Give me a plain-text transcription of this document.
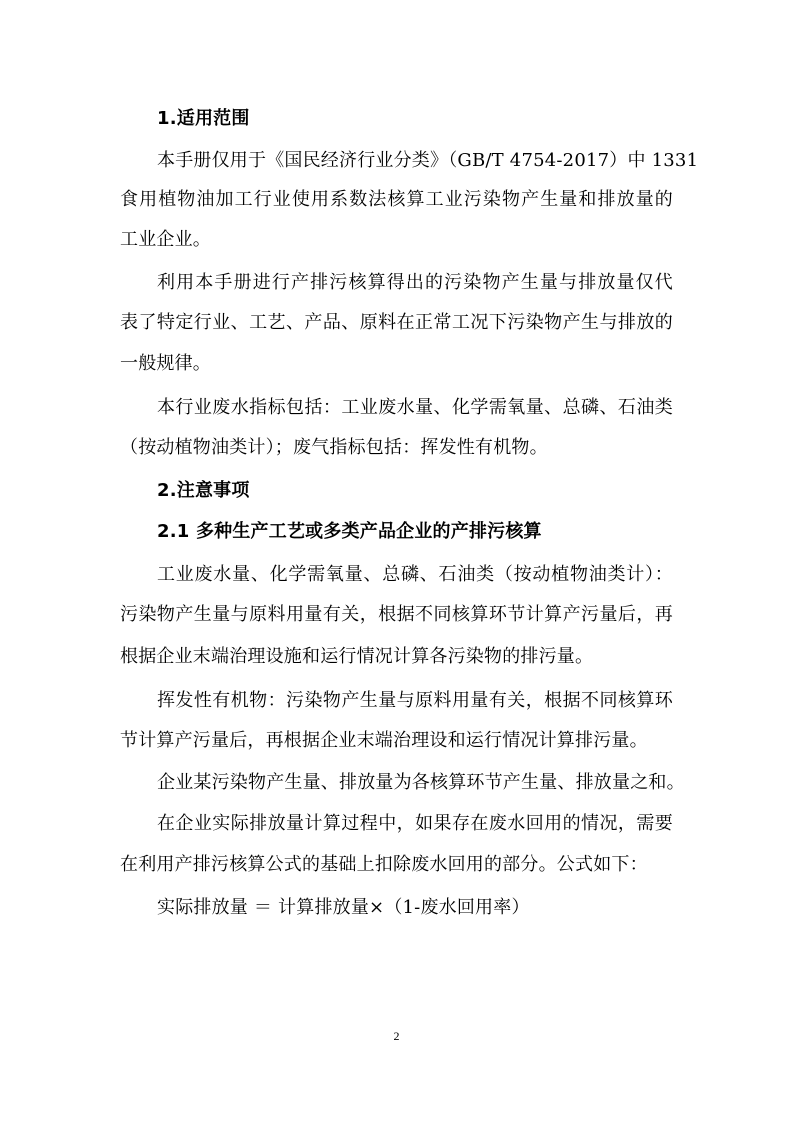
1.适用范围
本手册仅用于《国民经济行业分类》（GB/T 4754-2017）中 1331
食用植物油加工行业使用系数法核算工业污染物产生量和排放量的
工业企业。
利用本手册进行产排污核算得出的污染物产生量与排放量仅代
表了特定行业、工艺、产品、原料在正常工况下污染物产生与排放的
一般规律。
本行业废水指标包括：工业废水量、化学需氧量、总磷、石油类
（按动植物油类计）；废气指标包括：挥发性有机物。
2.注意事项
2.1 多种生产工艺或多类产品企业的产排污核算
工业废水量、化学需氧量、总磷、石油类（按动植物油类计）：
污染物产生量与原料用量有关，根据不同核算环节计算产污量后，再
根据企业末端治理设施和运行情况计算各污染物的排污量。
挥发性有机物：污染物产生量与原料用量有关，根据不同核算环
节计算产污量后，再根据企业末端治理设和运行情况计算排污量。
企业某污染物产生量、排放量为各核算环节产生量、排放量之和。
在企业实际排放量计算过程中，如果存在废水回用的情况，需要
在利用产排污核算公式的基础上扣除废水回用的部分。公式如下：
实际排放量 ＝ 计算排放量×（1-废水回用率）
2
